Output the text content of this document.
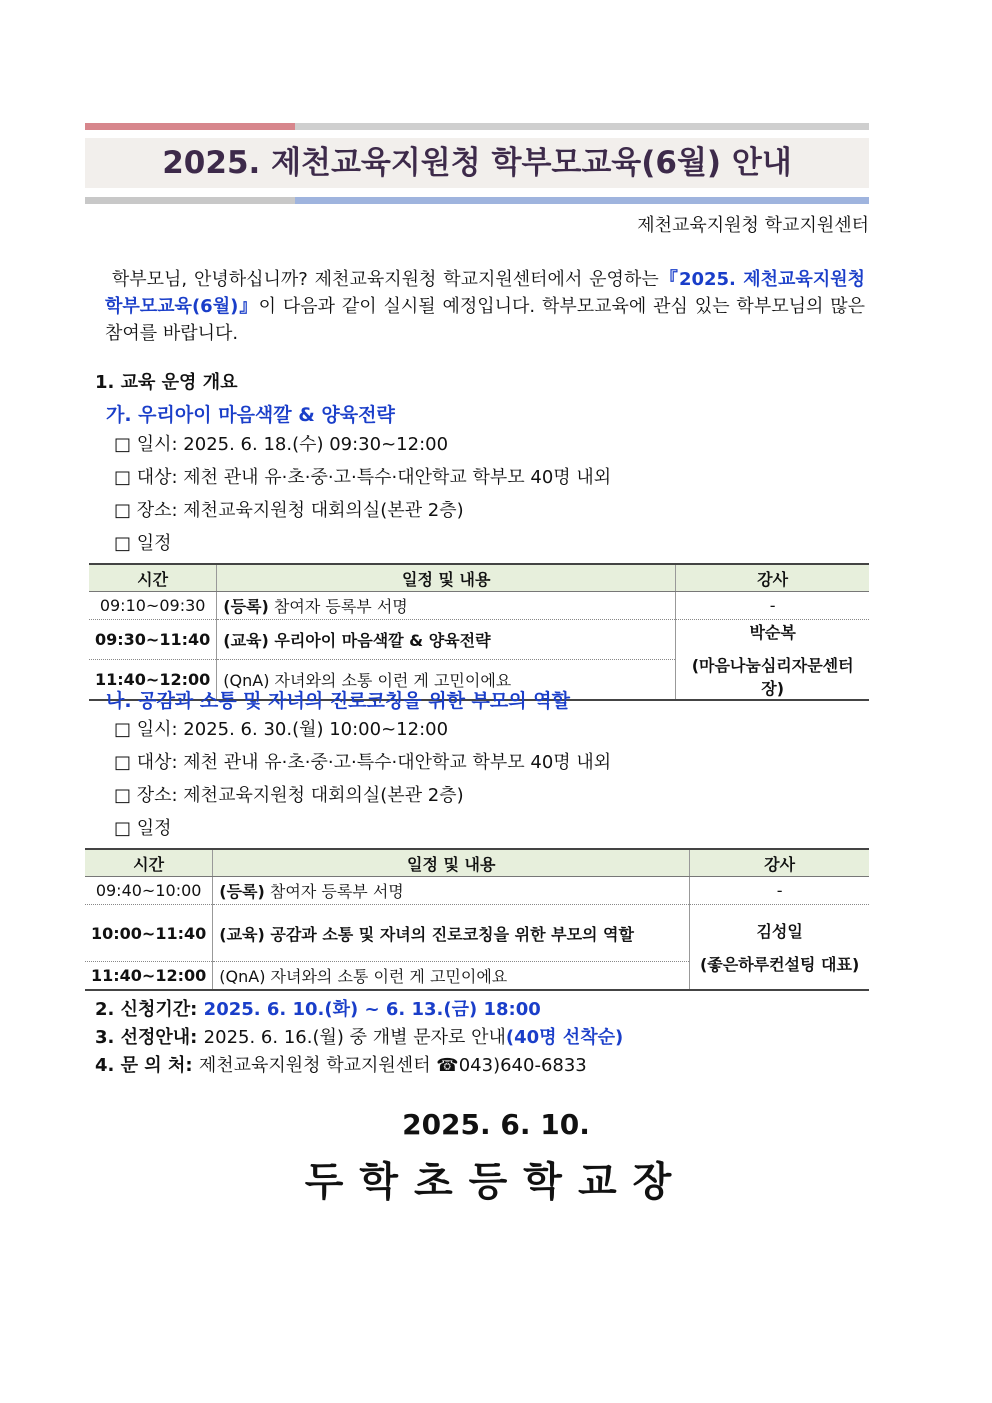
2025. 제천교육지원청 학부모교육(6월) 안내
제천교육지원청 학교지원센터
학부모님, 안녕하십니까? 제천교육지원청 학교지원센터에서 운영하는『2025. 제천교육지원청 학부모교육(6월)』이 다음과 같이 실시될 예정입니다. 학부모교육에 관심 있는 학부모님의 많은 참여를 바랍니다.
1. 교육 운영 개요
가. 우리아이 마음색깔 & 양육전략
□ 일시: 2025. 6. 18.(수) 09:30~12:00
□ 대상: 제천 관내 유·초·중·고·특수·대안학교 학부모 40명 내외
□ 장소: 제천교육지원청 대회의실(본관 2층)
□ 일정
시간	일정 및 내용	강사
09:10~09:30	(등록) 참여자 등록부 서명	-
09:30~11:40	(교육) 우리아이 마음색깔 & 양육전략	박순복
(마음나눔심리자문센터장)

11:40~12:00	(QnA) 자녀와의 소통 이런 게 고민이에요	
나. 공감과 소통 및 자녀의 진로코칭을 위한 부모의 역할
□ 일시: 2025. 6. 30.(월) 10:00~12:00
□ 대상: 제천 관내 유·초·중·고·특수·대안학교 학부모 40명 내외
□ 장소: 제천교육지원청 대회의실(본관 2층)
□ 일정
시간	일정 및 내용	강사
09:40~10:00	(등록) 참여자 등록부 서명	-
10:00~11:40	(교육) 공감과 소통 및 자녀의 진로코칭을 위한 부모의 역할	김성일
(좋은하루컨설팅 대표)

11:40~12:00	(QnA) 자녀와의 소통 이런 게 고민이에요	
2. 신청기간: 2025. 6. 10.(화) ~ 6. 13.(금) 18:00
3. 선정안내: 2025. 6. 16.(월) 중 개별 문자로 안내(40명 선착순)
4. 문 의 처: 제천교육지원청 학교지원센터 ☎043)640-6833
2025. 6. 10.
두학초등학교장
